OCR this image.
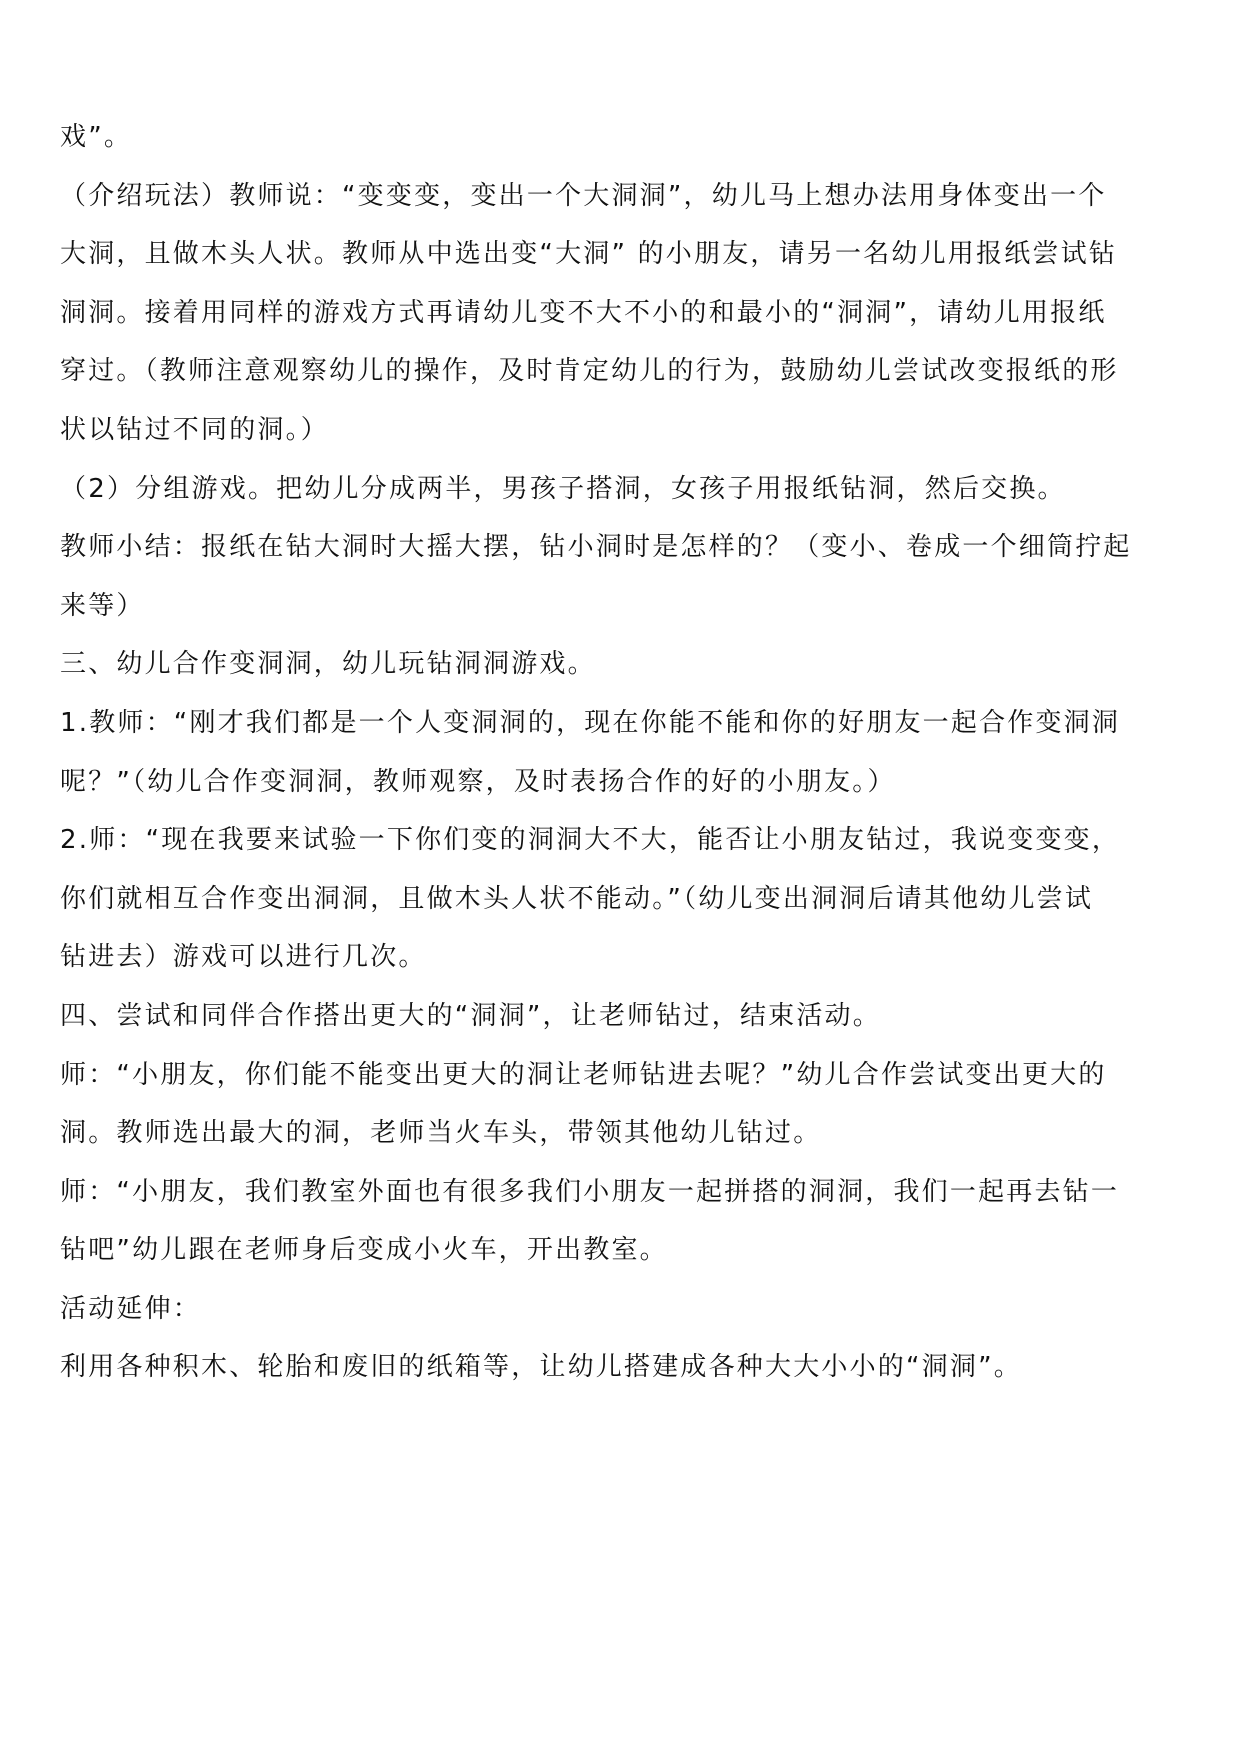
戏”。
（介绍玩法）教师说：“变变变，变出一个大洞洞”，幼儿马上想办法用身体变出一个
大洞，且做木头人状。教师从中选出变“大洞” 的小朋友，请另一名幼儿用报纸尝试钻
洞洞。接着用同样的游戏方式再请幼儿变不大不小的和最小的“洞洞”，请幼儿用报纸
穿过。（教师注意观察幼儿的操作，及时肯定幼儿的行为，鼓励幼儿尝试改变报纸的形
状以钻过不同的洞。）
（2）分组游戏。把幼儿分成两半，男孩子搭洞，女孩子用报纸钻洞，然后交换。
教师小结：报纸在钻大洞时大摇大摆，钻小洞时是怎样的？（变小、卷成一个细筒拧起
来等）
三、幼儿合作变洞洞，幼儿玩钻洞洞游戏。
1.教师：“刚才我们都是一个人变洞洞的，现在你能不能和你的好朋友一起合作变洞洞
呢？”（幼儿合作变洞洞，教师观察，及时表扬合作的好的小朋友。）
2.师：“现在我要来试验一下你们变的洞洞大不大，能否让小朋友钻过，我说变变变，
你们就相互合作变出洞洞，且做木头人状不能动。”（幼儿变出洞洞后请其他幼儿尝试
钻进去）游戏可以进行几次。
四、尝试和同伴合作搭出更大的“洞洞”，让老师钻过，结束活动。
师：“小朋友，你们能不能变出更大的洞让老师钻进去呢？”幼儿合作尝试变出更大的
洞。教师选出最大的洞，老师当火车头，带领其他幼儿钻过。
师：“小朋友，我们教室外面也有很多我们小朋友一起拼搭的洞洞，我们一起再去钻一
钻吧”幼儿跟在老师身后变成小火车，开出教室。
活动延伸：
利用各种积木、轮胎和废旧的纸箱等，让幼儿搭建成各种大大小小的“洞洞”。
